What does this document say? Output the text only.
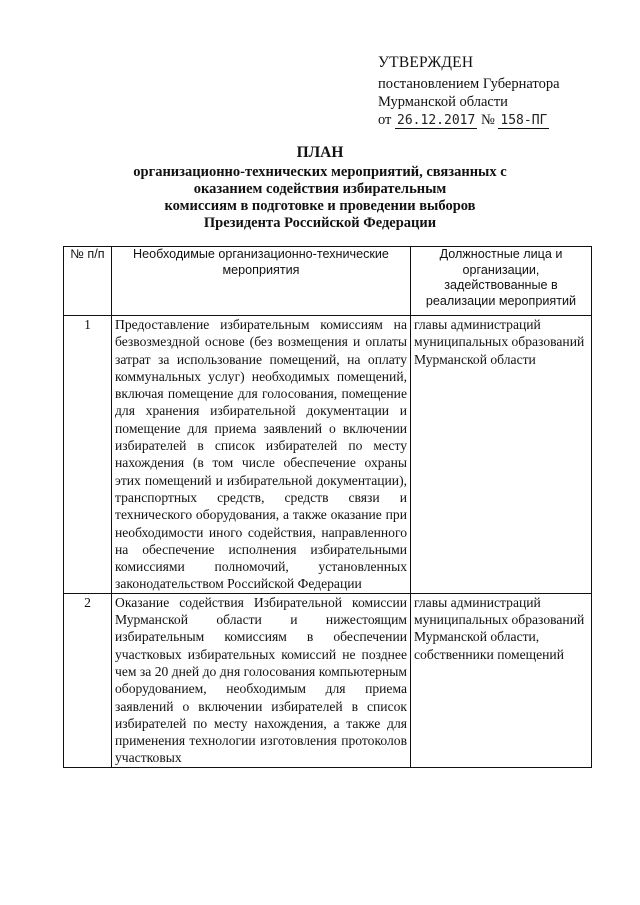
УТВЕРЖДЕН
постановлением Губернатора
Мурманской области
от 26.12.2017 № 158-ПГ
ПЛАН
организационно-технических мероприятий, связанных с
оказанием содействия избирательным
комиссиям в подготовке и проведении выборов
Президента Российской Федерации
№ п/п	Необходимые организационно-технические мероприятия	Должностные лица и организации, задействованные в реализации мероприятий
1	Предоставление избирательным комиссиям на безвозмездной основе (без возмещения и оплаты затрат за использование помещений, на оплату коммунальных услуг) необходимых помещений, включая помещение для голосования, помещение для хранения избирательной документации и помещение для приема заявлений о включении избирателей в список избирателей по месту нахождения (в том числе обеспечение охраны этих помещений и избирательной документации), транспортных средств, средств связи и технического оборудования, а также оказание при необходимости иного содействия, направленного на обеспечение исполнения избирательными комиссиями полномочий, установленных законодательством Российской Федерации	главы администраций муниципальных образований Мурманской области
2	Оказание содействия Избирательной комиссии Мурманской области и нижестоящим избирательным комиссиям в обеспечении участковых избирательных комиссий не позднее чем за 20 дней до дня голосования компьютерным оборудованием, необходимым для приема заявлений о включении избирателей в список избирателей по месту нахождения, а также для применения технологии изготовления протоколов участковых	главы администраций муниципальных образований Мурманской области, собственники помещений
